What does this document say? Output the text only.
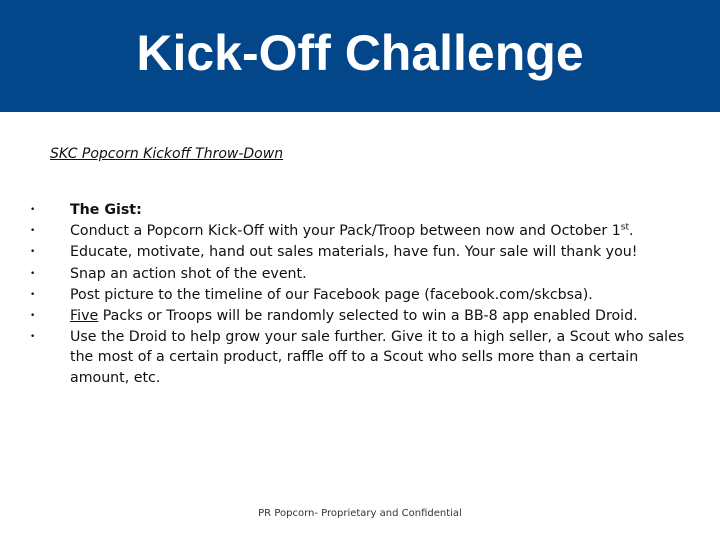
Kick-Off Challenge
SKC Popcorn Kickoff Throw-Down
•	The Gist:
•	Conduct a Popcorn Kick-Off with your Pack/Troop between now and October 1st.
•	Educate, motivate, hand out sales materials, have fun. Your sale will thank you!
•	Snap an action shot of the event.
•	Post picture to the timeline of our Facebook page (facebook.com/skcbsa).
•	Five Packs or Troops will be randomly selected to win a BB-8 app enabled Droid.
•	Use the Droid to help grow your sale further. Give it to a high seller, a Scout who sales the most of a certain product, raffle off to a Scout who sells more than a certain amount, etc.
PR Popcorn- Proprietary and Confidential
